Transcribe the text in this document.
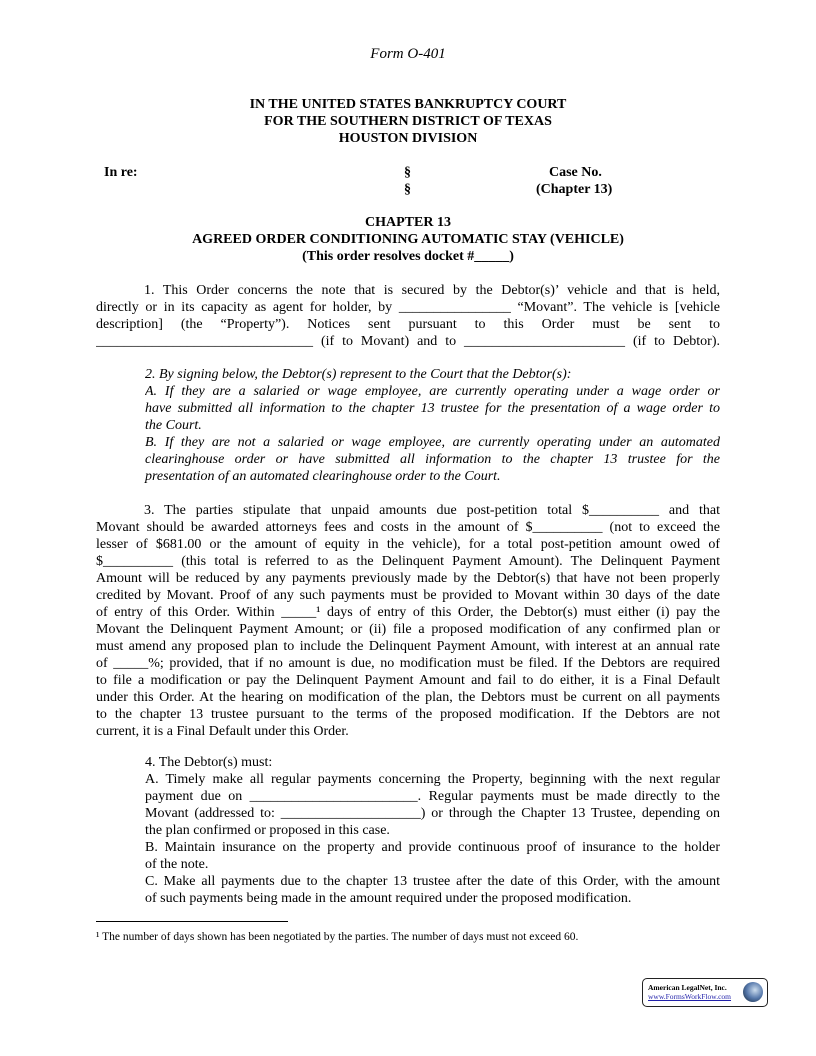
Form O-401
IN THE UNITED STATES BANKRUPTCY COURT
FOR THE SOUTHERN DISTRICT OF TEXAS
HOUSTON DIVISION
In re:	§
§
Case No.
(Chapter 13)
CHAPTER 13
AGREED ORDER CONDITIONING AUTOMATIC STAY (VEHICLE)
(This order resolves docket #_____)
1. This Order concerns the note that is secured by the Debtor(s)’ vehicle and that is held,
directly or in its capacity as agent for holder, by ________________ “Movant”. The vehicle is [vehicle
description] (the “Property”). Notices sent pursuant to this Order must be sent to
_______________________________ (if to Movant) and to _______________________ (if to Debtor).
2. By signing below, the Debtor(s) represent to the Court that the Debtor(s):
A. If they are a salaried or wage employee, are currently operating under a wage order or
have submitted all information to the chapter 13 trustee for the presentation of a wage order to
the Court.
B. If they are not a salaried or wage employee, are currently operating under an automated
clearinghouse order or have submitted all information to the chapter 13 trustee for the
presentation of an automated clearinghouse order to the Court.
3. The parties stipulate that unpaid amounts due post-petition total $__________ and that
Movant should be awarded attorneys fees and costs in the amount of $__________ (not to exceed the
lesser of $681.00 or the amount of equity in the vehicle), for a total post-petition amount owed of
$__________ (this total is referred to as the Delinquent Payment Amount). The Delinquent Payment
Amount will be reduced by any payments previously made by the Debtor(s) that have not been properly
credited by Movant. Proof of any such payments must be provided to Movant within 30 days of the date
of entry of this Order. Within _____¹ days of entry of this Order, the Debtor(s) must either (i) pay the
Movant the Delinquent Payment Amount; or (ii) file a proposed modification of any confirmed plan or
must amend any proposed plan to include the Delinquent Payment Amount, with interest at an annual rate
of _____%; provided, that if no amount is due, no modification must be filed. If the Debtors are required
to file a modification or pay the Delinquent Payment Amount and fail to do either, it is a Final Default
under this Order. At the hearing on modification of the plan, the Debtors must be current on all payments
to the chapter 13 trustee pursuant to the terms of the proposed modification. If the Debtors are not
current, it is a Final Default under this Order.
4. The Debtor(s) must:
A. Timely make all regular payments concerning the Property, beginning with the next regular
payment due on ________________________. Regular payments must be made directly to the
Movant (addressed to: ____________________) or through the Chapter 13 Trustee, depending on
the plan confirmed or proposed in this case.
B. Maintain insurance on the property and provide continuous proof of insurance to the holder
of the note.
C. Make all payments due to the chapter 13 trustee after the date of this Order, with the amount
of such payments being made in the amount required under the proposed modification.
¹ The number of days shown has been negotiated by the parties. The number of days must not exceed 60.
American LegalNet, Inc.
www.FormsWorkFlow.com
